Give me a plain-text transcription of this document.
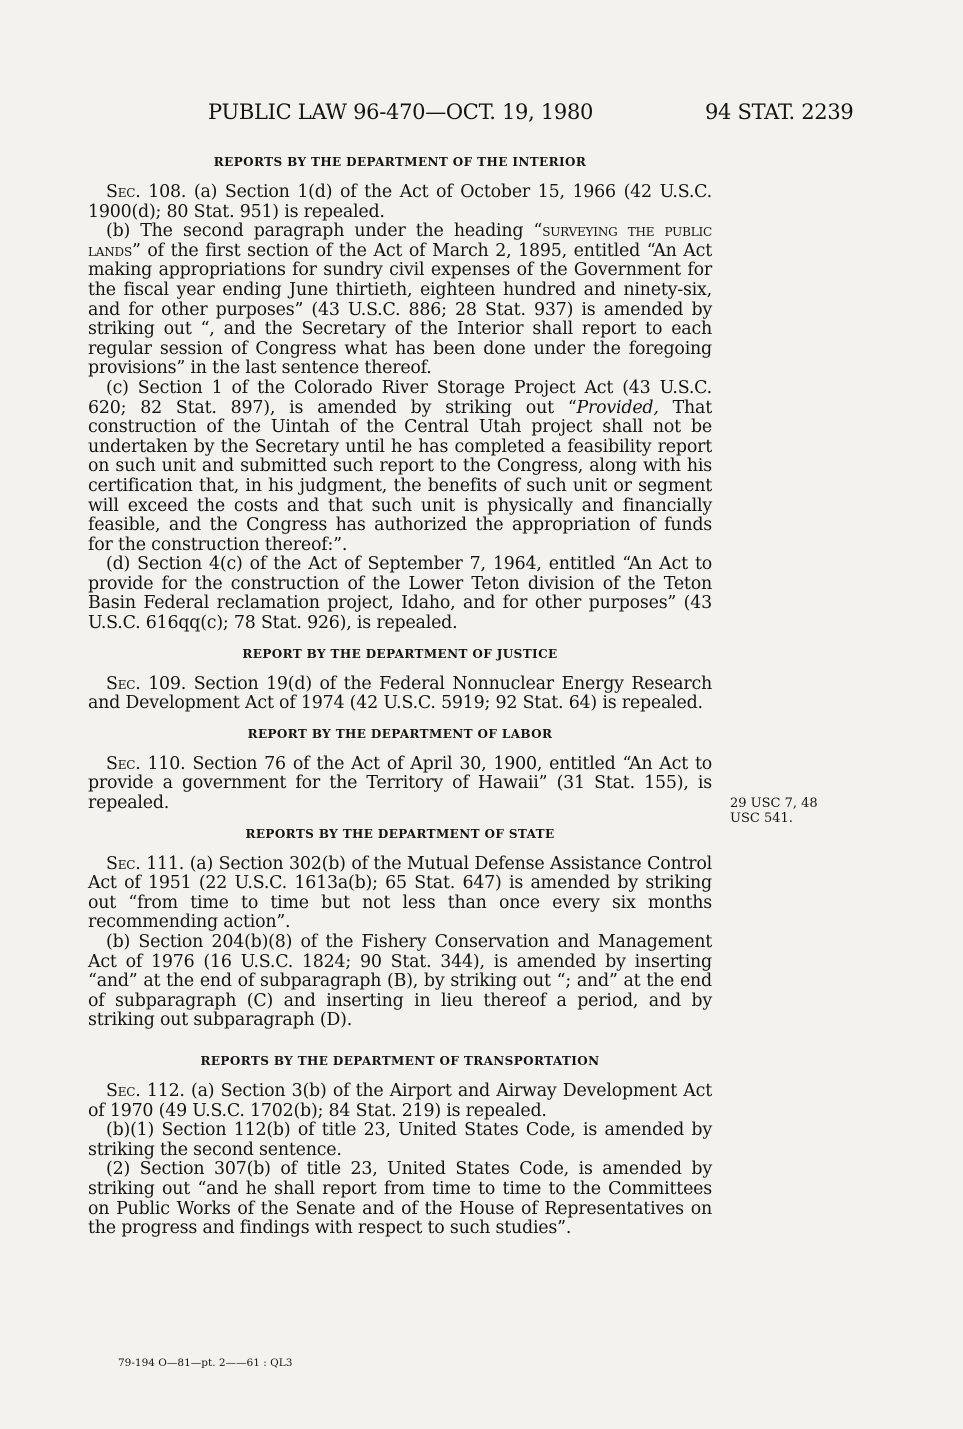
PUBLIC LAW 96-470—OCT. 19, 1980	94 STAT. 2239
REPORTS BY THE DEPARTMENT OF THE INTERIOR

Sec. 108. (a) Section 1(d) of the Act of October 15, 1966 (42 U.S.C. 1900(d); 80 Stat. 951) is repealed.

(b) The second paragraph under the heading “surveying the public lands” of the first section of the Act of March 2, 1895, entitled “An Act making appropriations for sundry civil expenses of the Government for the fiscal year ending June thirtieth, eighteen hundred and ninety-six, and for other purposes” (43 U.S.C. 886; 28 Stat. 937) is amended by striking out “, and the Secretary of the Interior shall report to each regular session of Congress what has been done under the foregoing provisions” in the last sentence thereof.

(c) Section 1 of the Colorado River Storage Project Act (43 U.S.C. 620; 82 Stat. 897), is amended by striking out “Provided, That construction of the Uintah of the Central Utah project shall not be undertaken by the Secretary until he has completed a feasibility report on such unit and submitted such report to the Congress, along with his certification that, in his judgment, the benefits of such unit or segment will exceed the costs and that such unit is physically and financially feasible, and the Congress has authorized the appropriation of funds for the construction thereof:”.

(d) Section 4(c) of the Act of September 7, 1964, entitled “An Act to provide for the construction of the Lower Teton division of the Teton Basin Federal reclamation project, Idaho, and for other purposes” (43 U.S.C. 616qq(c); 78 Stat. 926), is repealed.

REPORT BY THE DEPARTMENT OF JUSTICE

Sec. 109. Section 19(d) of the Federal Nonnuclear Energy Research and Development Act of 1974 (42 U.S.C. 5919; 92 Stat. 64) is repealed.

REPORT BY THE DEPARTMENT OF LABOR

Sec. 110. Section 76 of the Act of April 30, 1900, entitled “An Act to provide a government for the Territory of Hawaii” (31 Stat. 155), is repealed.

REPORTS BY THE DEPARTMENT OF STATE

Sec. 111. (a) Section 302(b) of the Mutual Defense Assistance Control Act of 1951 (22 U.S.C. 1613a(b); 65 Stat. 647) is amended by striking out “from time to time but not less than once every six months recommending action”.

(b) Section 204(b)(8) of the Fishery Conservation and Management Act of 1976 (16 U.S.C. 1824; 90 Stat. 344), is amended by inserting “and” at the end of subparagraph (B), by striking out “; and” at the end of subparagraph (C) and inserting in lieu thereof a period, and by striking out subparagraph (D).

REPORTS BY THE DEPARTMENT OF TRANSPORTATION

Sec. 112. (a) Section 3(b) of the Airport and Airway Development Act of 1970 (49 U.S.C. 1702(b); 84 Stat. 219) is repealed.

(b)(1) Section 112(b) of title 23, United States Code, is amended by striking the second sentence.

(2) Section 307(b) of title 23, United States Code, is amended by striking out “and he shall report from time to time to the Committees on Public Works of the Senate and of the House of Representatives on the progress and findings with respect to such studies”.

29 USC 7, 48 USC 541.
79-194 O—81—pt. 2——61 : QL3
